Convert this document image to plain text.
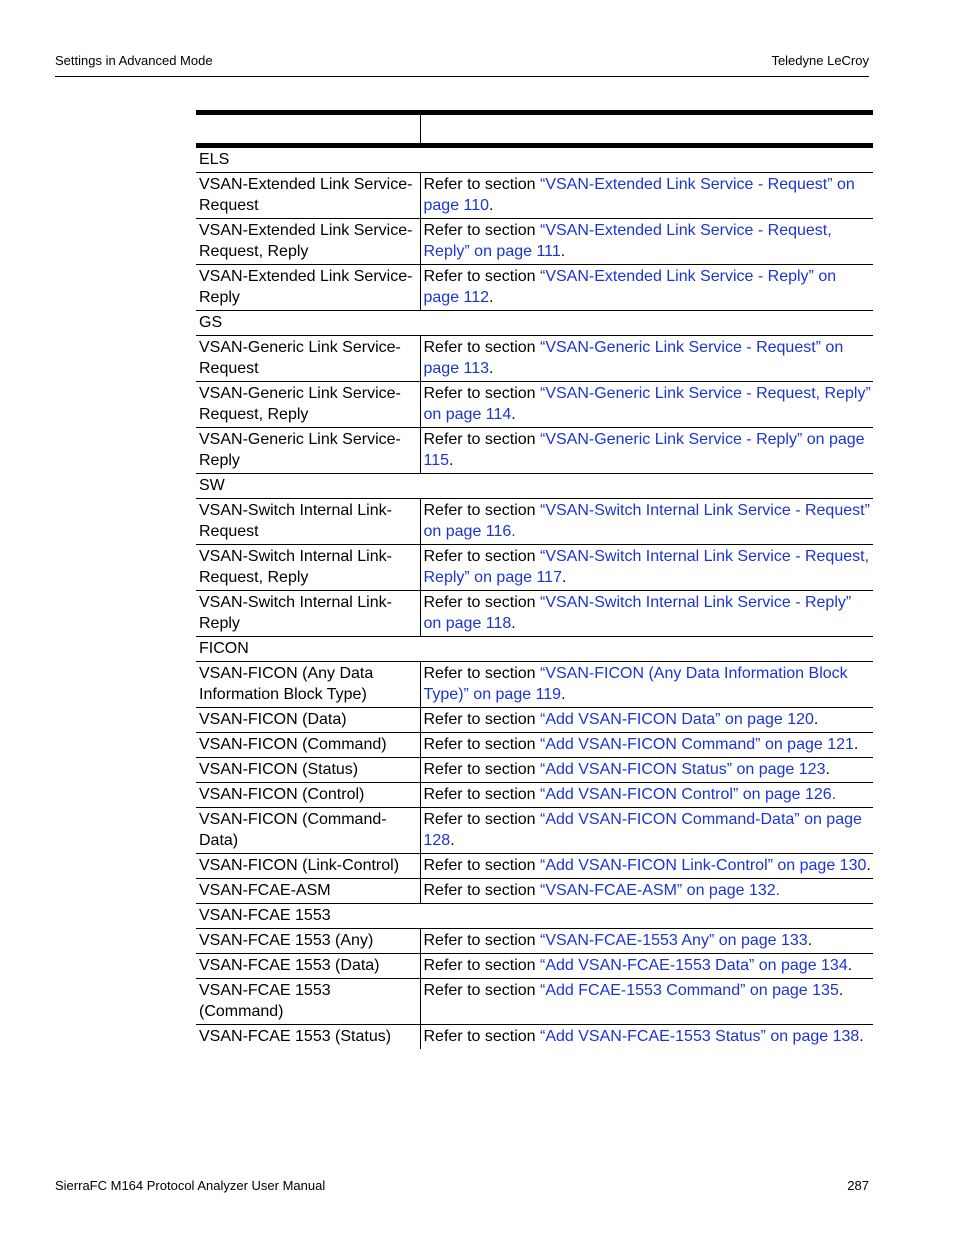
Settings in Advanced Mode	Teledyne LeCroy

ELS	
VSAN-Extended Link Service-Request	Refer to section “VSAN-Extended Link Service - Request” on page 110.
VSAN-Extended Link Service-Request, Reply	Refer to section “VSAN-Extended Link Service - Request, Reply” on page 111.
VSAN-Extended Link Service-Reply	Refer to section “VSAN-Extended Link Service - Reply” on page 112.
GS	
VSAN-Generic Link Service-Request	Refer to section “VSAN-Generic Link Service - Request” on page 113.
VSAN-Generic Link Service-Request, Reply	Refer to section “VSAN-Generic Link Service - Request, Reply” on page 114.
VSAN-Generic Link Service-Reply	Refer to section “VSAN-Generic Link Service - Reply” on page 115.
SW	
VSAN-Switch Internal Link-Request	Refer to section “VSAN-Switch Internal Link Service - Request” on page 116.
VSAN-Switch Internal Link-Request, Reply	Refer to section “VSAN-Switch Internal Link Service - Request, Reply” on page 117.
VSAN-Switch Internal Link-Reply	Refer to section “VSAN-Switch Internal Link Service - Reply” on page 118.
FICON	
VSAN-FICON (Any Data Information Block Type)	Refer to section “VSAN-FICON (Any Data Information Block Type)” on page 119.
VSAN-FICON (Data)	Refer to section “Add VSAN-FICON Data” on page 120.
VSAN-FICON (Command)	Refer to section “Add VSAN-FICON Command” on page 121.
VSAN-FICON (Status)	Refer to section “Add VSAN-FICON Status” on page 123.
VSAN-FICON (Control)	Refer to section “Add VSAN-FICON Control” on page 126.
VSAN-FICON (Command-Data)	Refer to section “Add VSAN-FICON Command-Data” on page 128.
VSAN-FICON (Link-Control)	Refer to section “Add VSAN-FICON Link-Control” on page 130.
VSAN-FCAE-ASM	Refer to section “VSAN-FCAE-ASM” on page 132.
VSAN-FCAE 1553	
VSAN-FCAE 1553 (Any)	Refer to section “VSAN-FCAE-1553 Any” on page 133.
VSAN-FCAE 1553 (Data)	Refer to section “Add VSAN-FCAE-1553 Data” on page 134.
VSAN-FCAE 1553 (Command)	Refer to section “Add FCAE-1553 Command” on page 135.
VSAN-FCAE 1553 (Status)	Refer to section “Add VSAN-FCAE-1553 Status” on page 138.
SierraFC M164 Protocol Analyzer User Manual	287
